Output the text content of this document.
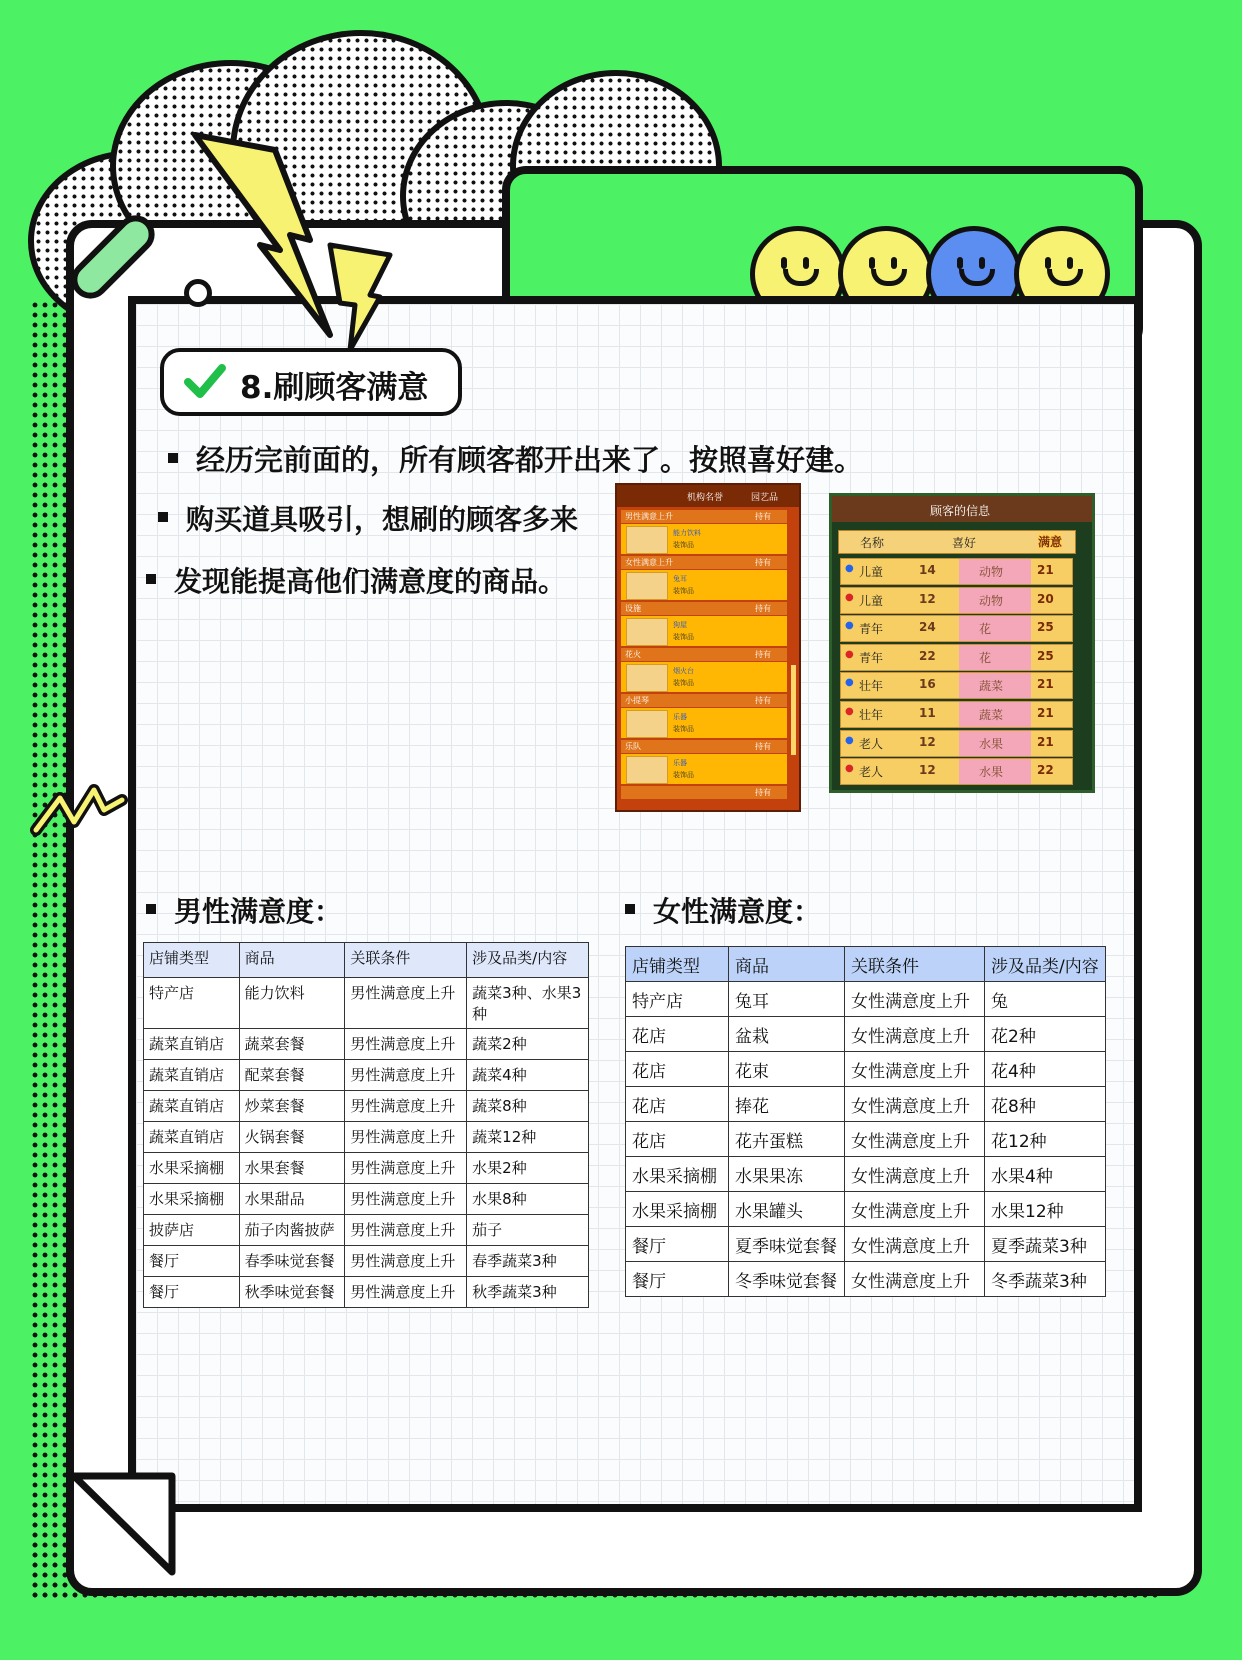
8.刷顾客满意
经历完前面的，所有顾客都开出来了。按照喜好建。
购买道具吸引，想刷的顾客多来
发现能提高他们满意度的商品。
机构名誉	园艺品
男性满意上升	持有
能力饮料
装饰品
女性满意上升	持有
兔耳
装饰品
设施	持有
狗屋
装饰品
花火	持有
烟火台
装饰品
小提琴	持有
乐器
装饰品
乐队	持有
乐器
装饰品
持有
顾客的信息
名称	喜好	满意
● 儿童	14	动物	21
● 儿童	12	动物	20
● 青年	24	花	25
● 青年	22	花	25
● 壮年	16	蔬菜	21
● 壮年	11	蔬菜	21
● 老人	12	水果	21
● 老人	12	水果	22
男性满意度：
店铺类型	商品	关联条件	涉及品类/内容
特产店	能力饮料	男性满意度上升	蔬菜3种、水果3种
蔬菜直销店	蔬菜套餐	男性满意度上升	蔬菜2种
蔬菜直销店	配菜套餐	男性满意度上升	蔬菜4种
蔬菜直销店	炒菜套餐	男性满意度上升	蔬菜8种
蔬菜直销店	火锅套餐	男性满意度上升	蔬菜12种
水果采摘棚	水果套餐	男性满意度上升	水果2种
水果采摘棚	水果甜品	男性满意度上升	水果8种
披萨店	茄子肉酱披萨	男性满意度上升	茄子
餐厅	春季味觉套餐	男性满意度上升	春季蔬菜3种
餐厅	秋季味觉套餐	男性满意度上升	秋季蔬菜3种
女性满意度：
店铺类型	商品	关联条件	涉及品类/内容
特产店	兔耳	女性满意度上升	兔
花店	盆栽	女性满意度上升	花2种
花店	花束	女性满意度上升	花4种
花店	捧花	女性满意度上升	花8种
花店	花卉蛋糕	女性满意度上升	花12种
水果采摘棚	水果果冻	女性满意度上升	水果4种
水果采摘棚	水果罐头	女性满意度上升	水果12种
餐厅	夏季味觉套餐	女性满意度上升	夏季蔬菜3种
餐厅	冬季味觉套餐	女性满意度上升	冬季蔬菜3种
